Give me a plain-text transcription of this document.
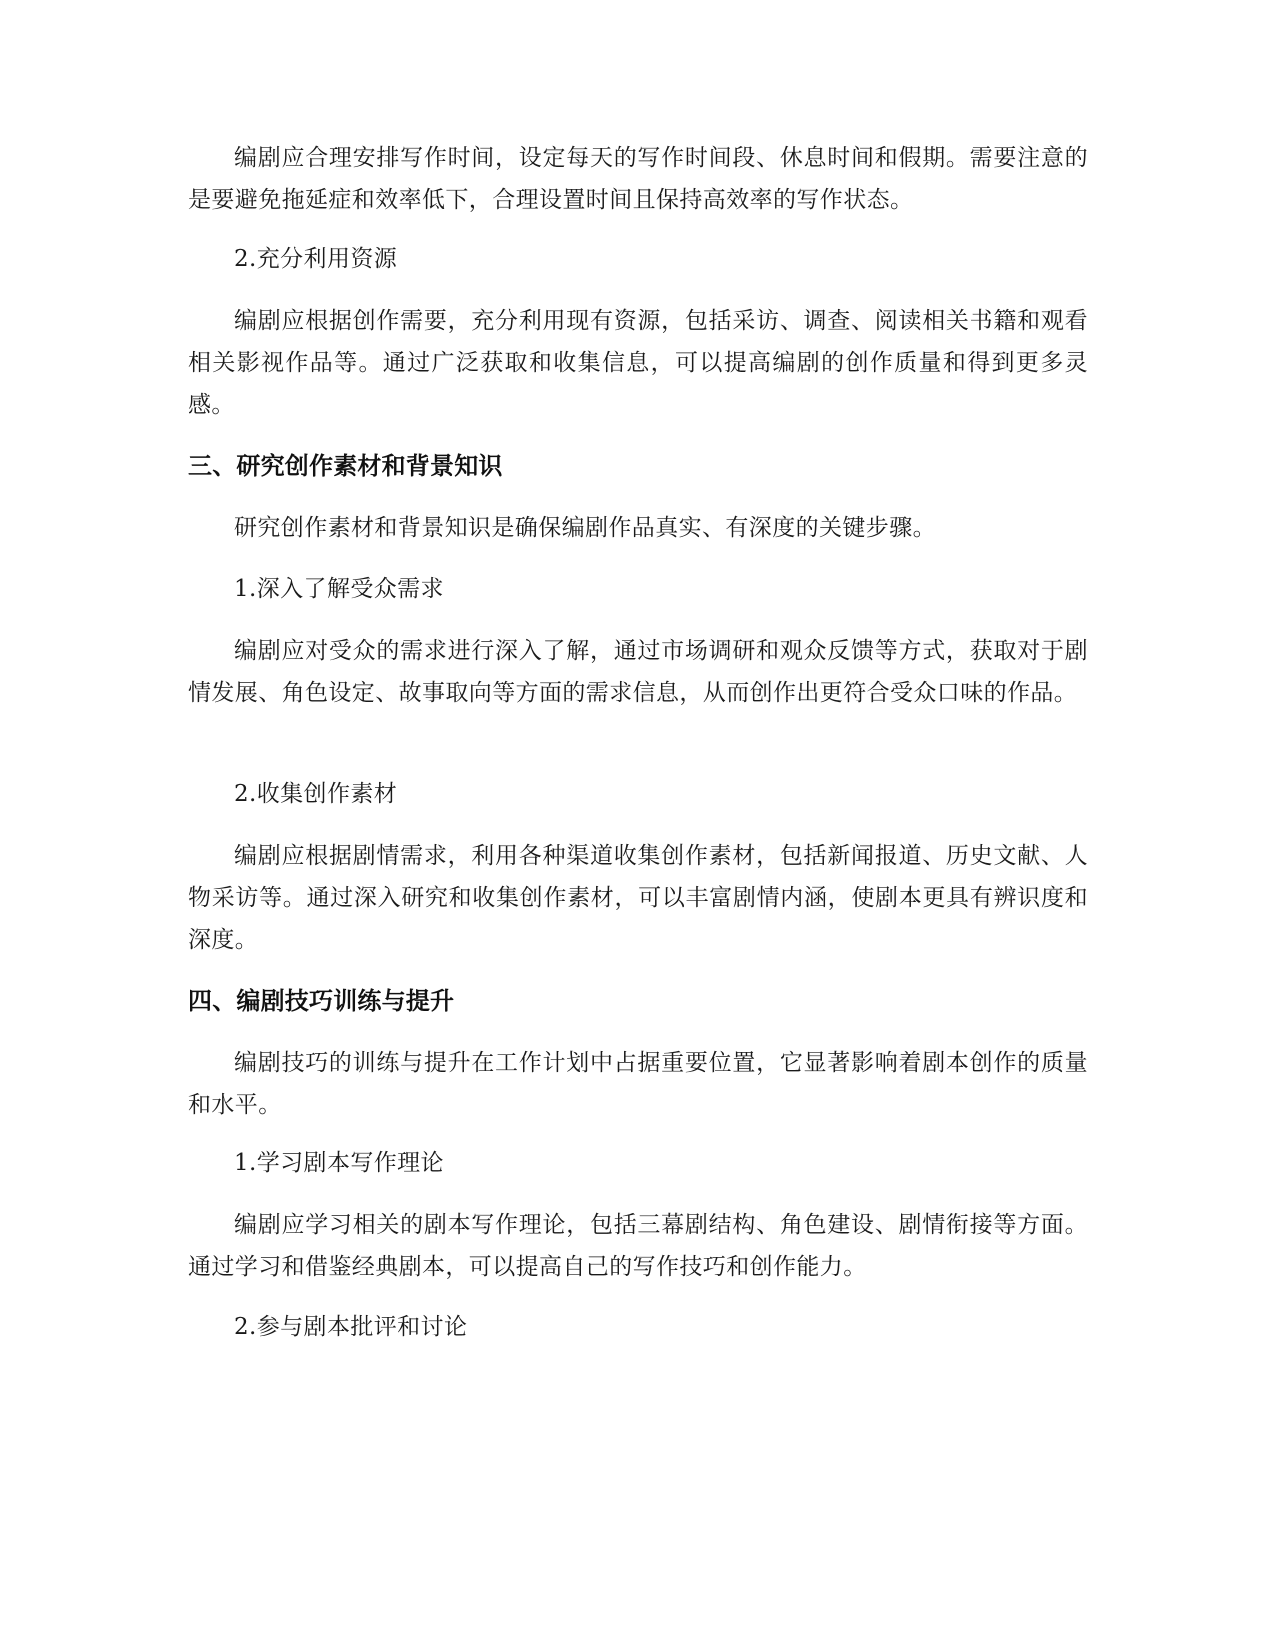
编剧应合理安排写作时间，设定每天的写作时间段、休息时间和假期。需要注意的是要避免拖延症和效率低下，合理设置时间且保持高效率的写作状态。

2.充分利用资源

编剧应根据创作需要，充分利用现有资源，包括采访、调查、阅读相关书籍和观看相关影视作品等。通过广泛获取和收集信息，可以提高编剧的创作质量和得到更多灵感。

三、研究创作素材和背景知识

研究创作素材和背景知识是确保编剧作品真实、有深度的关键步骤。

1.深入了解受众需求

编剧应对受众的需求进行深入了解，通过市场调研和观众反馈等方式，获取对于剧情发展、角色设定、故事取向等方面的需求信息，从而创作出更符合受众口味的作品。

2.收集创作素材

编剧应根据剧情需求，利用各种渠道收集创作素材，包括新闻报道、历史文献、人物采访等。通过深入研究和收集创作素材，可以丰富剧情内涵，使剧本更具有辨识度和深度。

四、编剧技巧训练与提升

编剧技巧的训练与提升在工作计划中占据重要位置，它显著影响着剧本创作的质量和水平。

1.学习剧本写作理论

编剧应学习相关的剧本写作理论，包括三幕剧结构、角色建设、剧情衔接等方面。通过学习和借鉴经典剧本，可以提高自己的写作技巧和创作能力。

2.参与剧本批评和讨论
